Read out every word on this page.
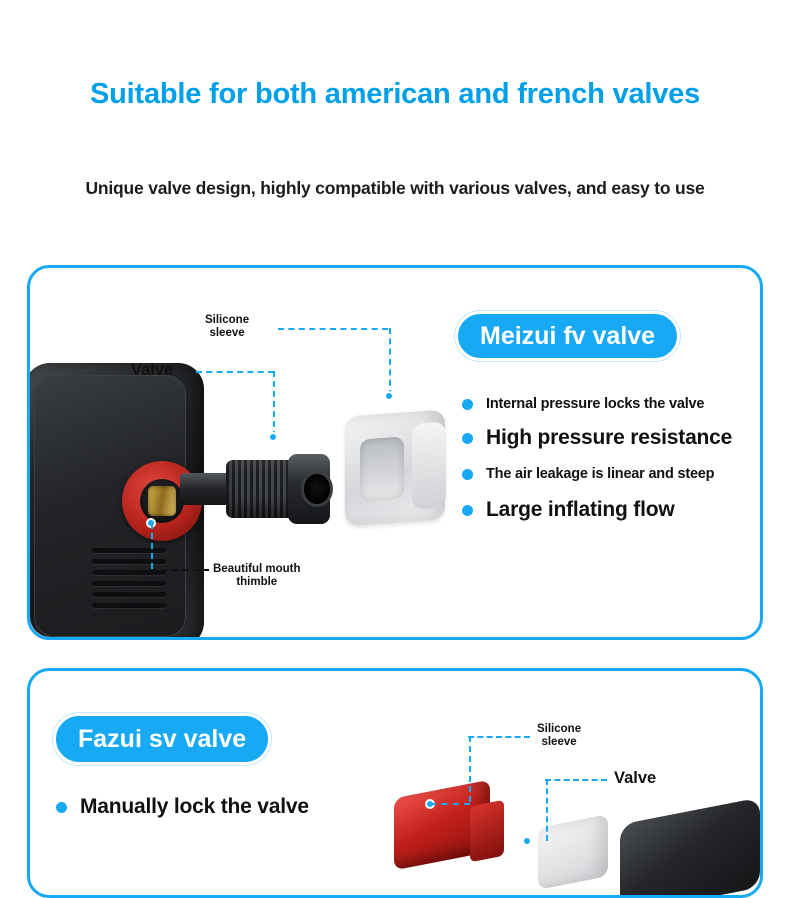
Suitable for both american and french valves
Unique valve design, highly compatible with various valves, and easy to use
Silicone
sleeve
Valve
Beautiful mouth
thimble
Meizui fv valve
Internal pressure locks the valve
High pressure resistance
The air leakage is linear and steep
Large inflating flow
Silicone
sleeve
Valve
Fazui sv valve
Manually lock the valve
